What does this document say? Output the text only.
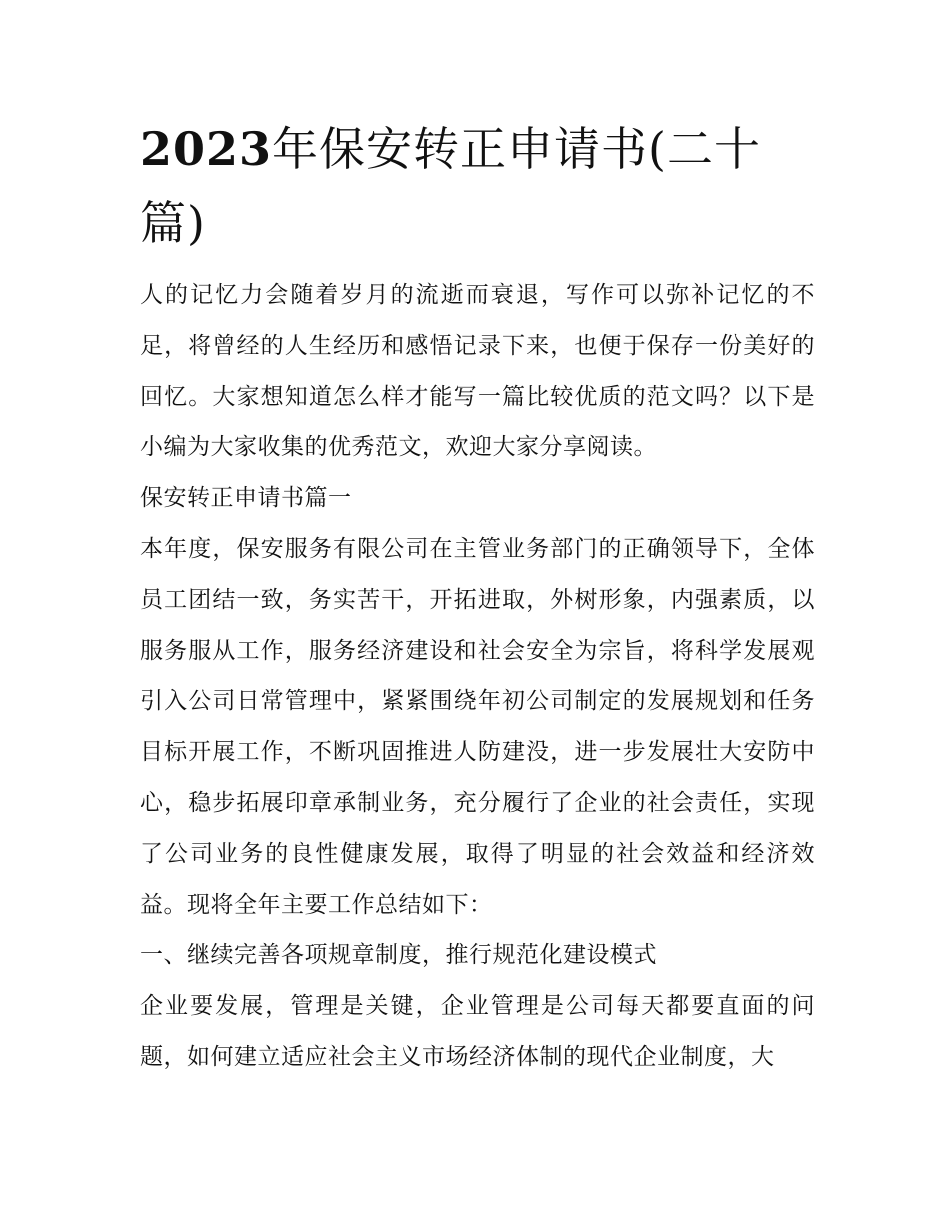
2023年保安转正申请书(二十篇)

人的记忆力会随着岁月的流逝而衰退，写作可以弥补记忆的不足，将曾经的人生经历和感悟记录下来，也便于保存一份美好的回忆。大家想知道怎么样才能写一篇比较优质的范文吗？以下是小编为大家收集的优秀范文，欢迎大家分享阅读。

保安转正申请书篇一

本年度，保安服务有限公司在主管业务部门的正确领导下，全体员工团结一致，务实苦干，开拓进取，外树形象，内强素质，以服务服从工作，服务经济建设和社会安全为宗旨，将科学发展观引入公司日常管理中，紧紧围绕年初公司制定的发展规划和任务目标开展工作，不断巩固推进人防建没，进一步发展壮大安防中心，稳步拓展印章承制业务，充分履行了企业的社会责任，实现了公司业务的良性健康发展，取得了明显的社会效益和经济效益。现将全年主要工作总结如下：

一、继续完善各项规章制度，推行规范化建设模式

企业要发展，管理是关键，企业管理是公司每天都要直面的问题，如何建立适应社会主义市场经济体制的现代企业制度，大
